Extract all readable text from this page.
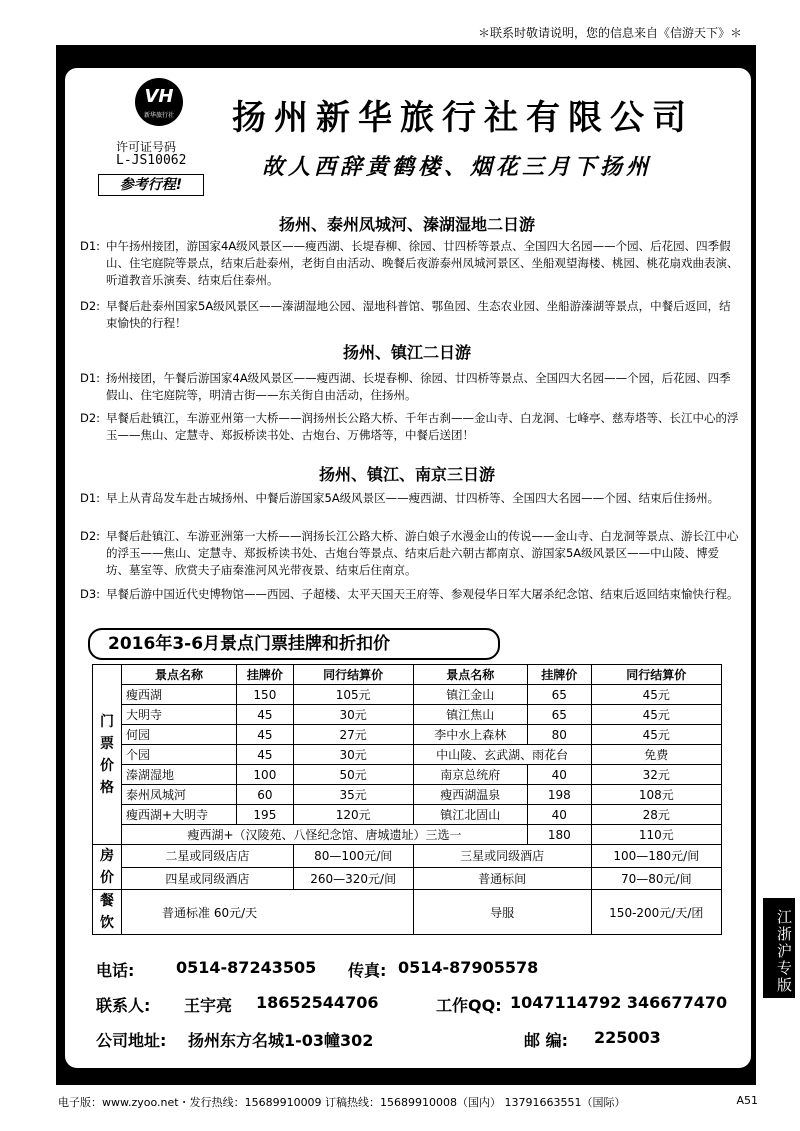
＊联系时敬请说明，您的信息来自《信游天下》＊
VH
新华旅行社
许可证号码
L-JS10062
参考行程!
扬州新华旅行社有限公司
故人西辞黄鹤楼、烟花三月下扬州
扬州、泰州凤城河、溱湖湿地二日游
D1: 中午扬州接团，游国家4A级风景区——瘦西湖、长堤春柳、徐园、廿四桥等景点、全国四大名园——个园、后花园、四季假山、住宅庭院等景点，结束后赴泰州，老街自由活动、晚餐后夜游泰州凤城河景区、坐船观望海楼、桃园、桃花扇戏曲表演、听道教音乐演奏、结束后住泰州。
D2: 早餐后赴泰州国家5A级风景区——溱湖湿地公园、湿地科普馆、鄂鱼园、生态农业园、坐船游溱湖等景点，中餐后返回，结束愉快的行程！
扬州、镇江二日游
D1: 扬州接团，午餐后游国家4A级风景区——瘦西湖、长堤春柳、徐园、廿四桥等景点、全国四大名园——个园，后花园、四季假山、住宅庭院等，明清古街——东关街自由活动，住扬州。
D2: 早餐后赴镇江，车游亚州第一大桥——润扬州长公路大桥、千年古刹——金山寺、白龙洞、七峰亭、慈寿塔等、长江中心的浮玉——焦山、定慧寺、郑扳桥读书处、古炮台、万佛塔等，中餐后送团！
扬州、镇江、南京三日游
D1: 早上从青岛发车赴古城扬州、中餐后游国家5A级风景区——瘦西湖、廿四桥等、全国四大名园——个园、结束后住扬州。
D2: 早餐后赴镇江、车游亚洲第一大桥——润扬长江公路大桥、游白娘子水漫金山的传说——金山寺、白龙洞等景点、游长江中心的浮玉——焦山、定慧寺、郑扳桥读书处、古炮台等景点、结束后赴六朝古都南京、游国家5A级风景区——中山陵、博爱坊、墓室等、欣赏夫子庙秦淮河风光带夜景、结束后住南京。
D3: 早餐后游中国近代史博物馆——西园、子超楼、太平天国天王府等、参观侵华日军大屠杀纪念馆、结束后返回结束愉快行程。
2016年3-6月景点门票挂牌和折扣价
门票价格	景点名称	挂牌价	同行结算价	景点名称	挂牌价	同行结算价
	瘦西湖	150	105元	镇江金山	65	45元
	大明寺	45	30元	镇江焦山	65	45元
	何园	45	27元	李中水上森林	80	45元
	个园	45	30元	中山陵、玄武湖、雨花台		免费
	溱湖湿地	100	50元	南京总统府	40	32元
	泰州凤城河	60	35元	瘦西湖温泉	198	108元
	瘦西湖+大明寺	195	120元	镇江北固山	40	28元
	瘦西湖+（汉陵苑、八怪纪念馆、唐城遗址）三选一				180	110元
房价	二星或同级店店		80—100元/间	三星或同级酒店		100—180元/间
	四星或同级酒店		260—320元/间	普通标间		70—80元/间
餐饮	普通标准 60元/天			导服		150-200元/天/团
电话:	0514-87243505 传真: 0514-87905578
联系人: 王宇亮 18652544706	工作QQ: 1047114792 346677470
公司地址: 扬州东方名城1-03幢302	邮 编: 225003
江浙沪专版
电子版：www.zyoo.net・发行热线：15689910009 订稿热线：15689910008（国内） 13791663551（国际）	A51
